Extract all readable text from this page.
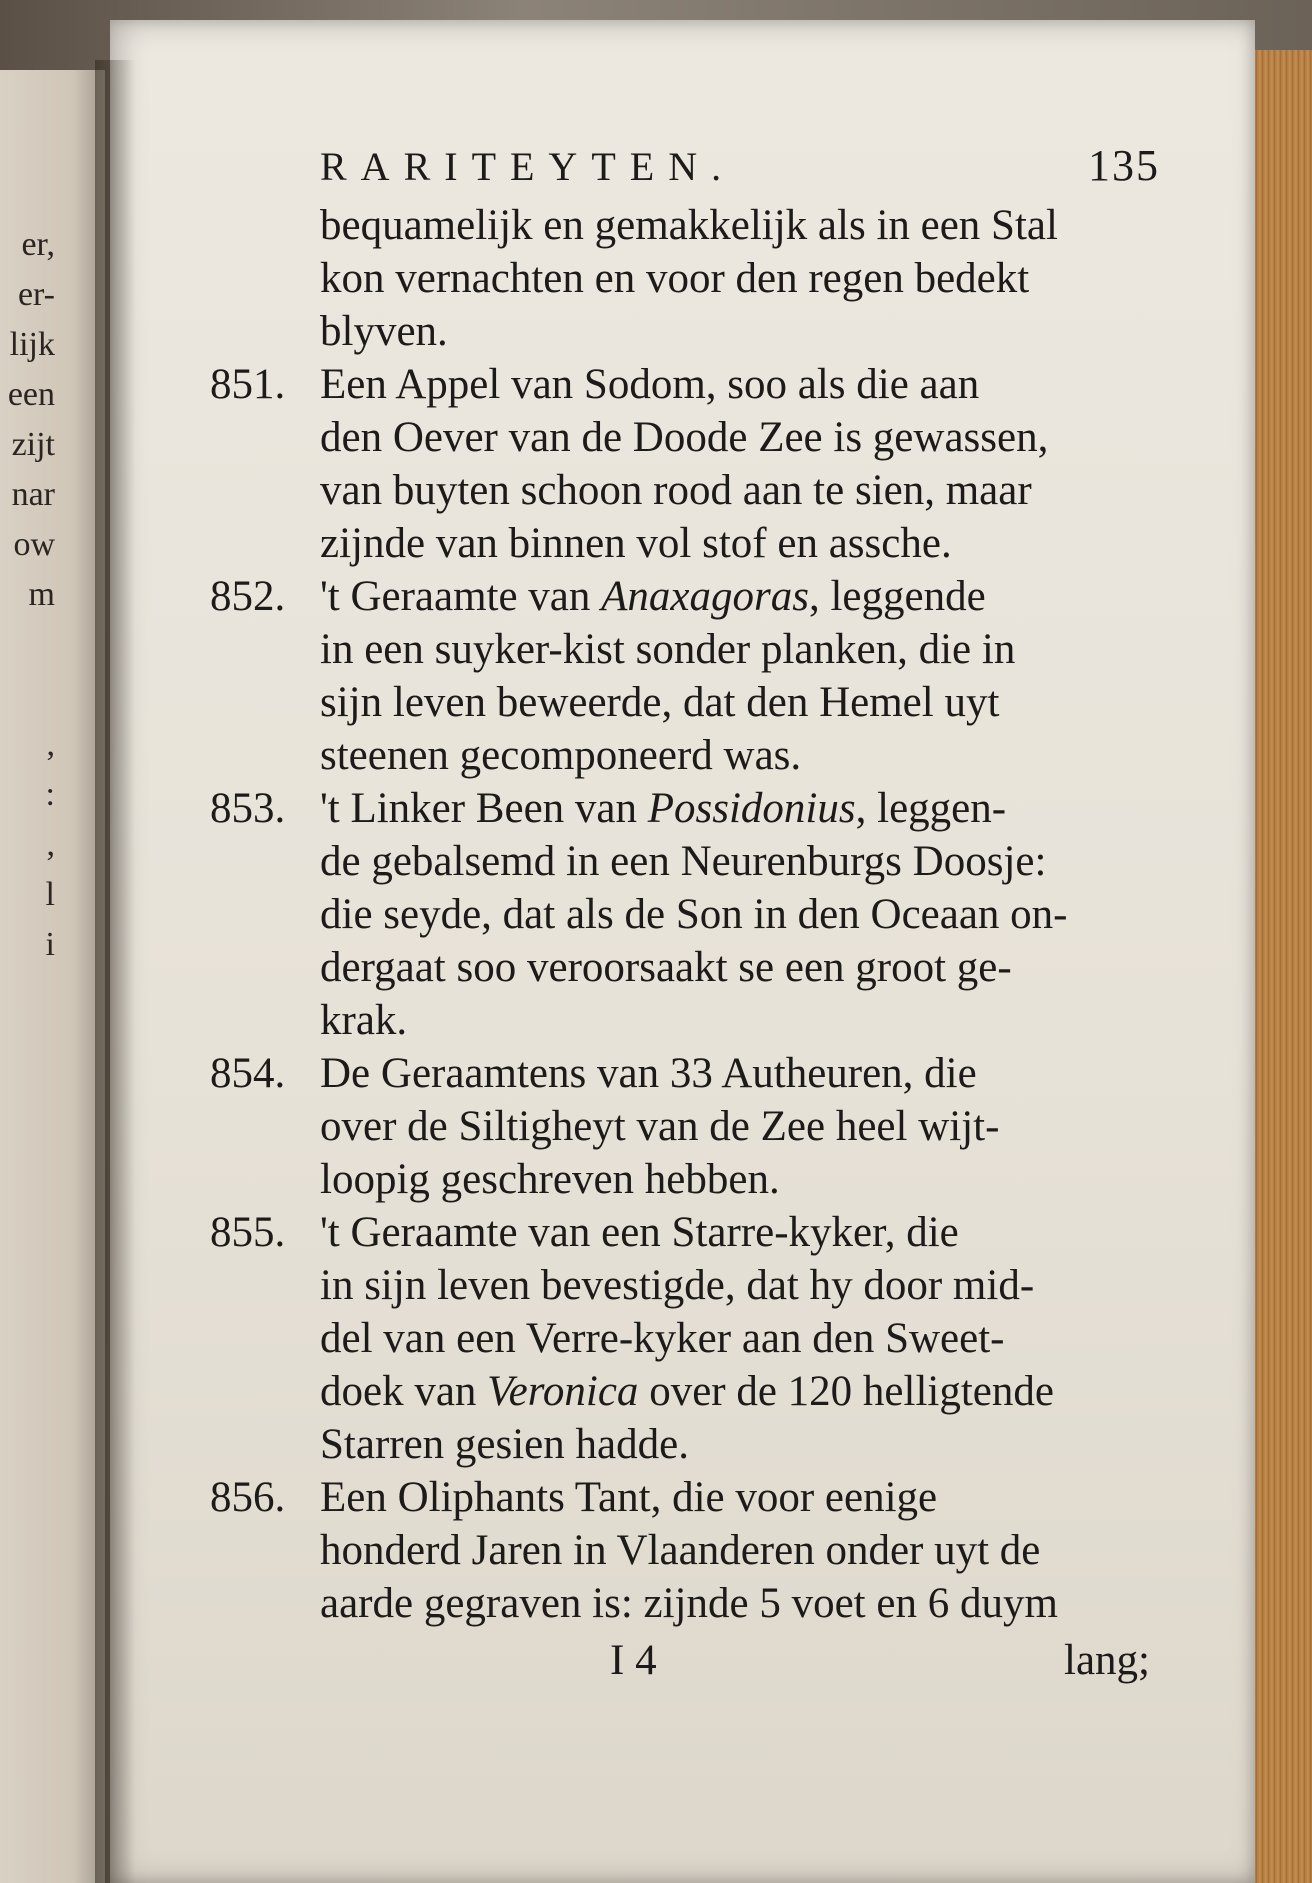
er,
er-
lijk
een
zijt
nar
ow
m

,
:
,
l
i
RARITEYTEN.	135
bequamelijk en gemakkelijk als in een Stal
kon vernachten en voor den regen bedekt
blyven.
851. Een Appel van Sodom, soo als die aan
den Oever van de Doode Zee is gewassen,
van buyten schoon rood aan te sien, maar
zijnde van binnen vol stof en assche.
852. 't Geraamte van Anaxagoras, leggende
in een suyker-kist sonder planken, die in
sijn leven beweerde, dat den Hemel uyt
steenen gecomponeerd was.
853. 't Linker Been van Possidonius, leggen-
de gebalsemd in een Neurenburgs Doosje:
die seyde, dat als de Son in den Oceaan on-
dergaat soo veroorsaakt se een groot ge-
krak.
854. De Geraamtens van 33 Autheuren, die
over de Siltigheyt van de Zee heel wijt-
loopig geschreven hebben.
855. 't Geraamte van een Starre-kyker, die
in sijn leven bevestigde, dat hy door mid-
del van een Verre-kyker aan den Sweet-
doek van Veronica over de 120 helligtende
Starren gesien hadde.
856. Een Oliphants Tant, die voor eenige
honderd Jaren in Vlaanderen onder uyt de
aarde gegraven is: zijnde 5 voet en 6 duym
I 4	lang;
